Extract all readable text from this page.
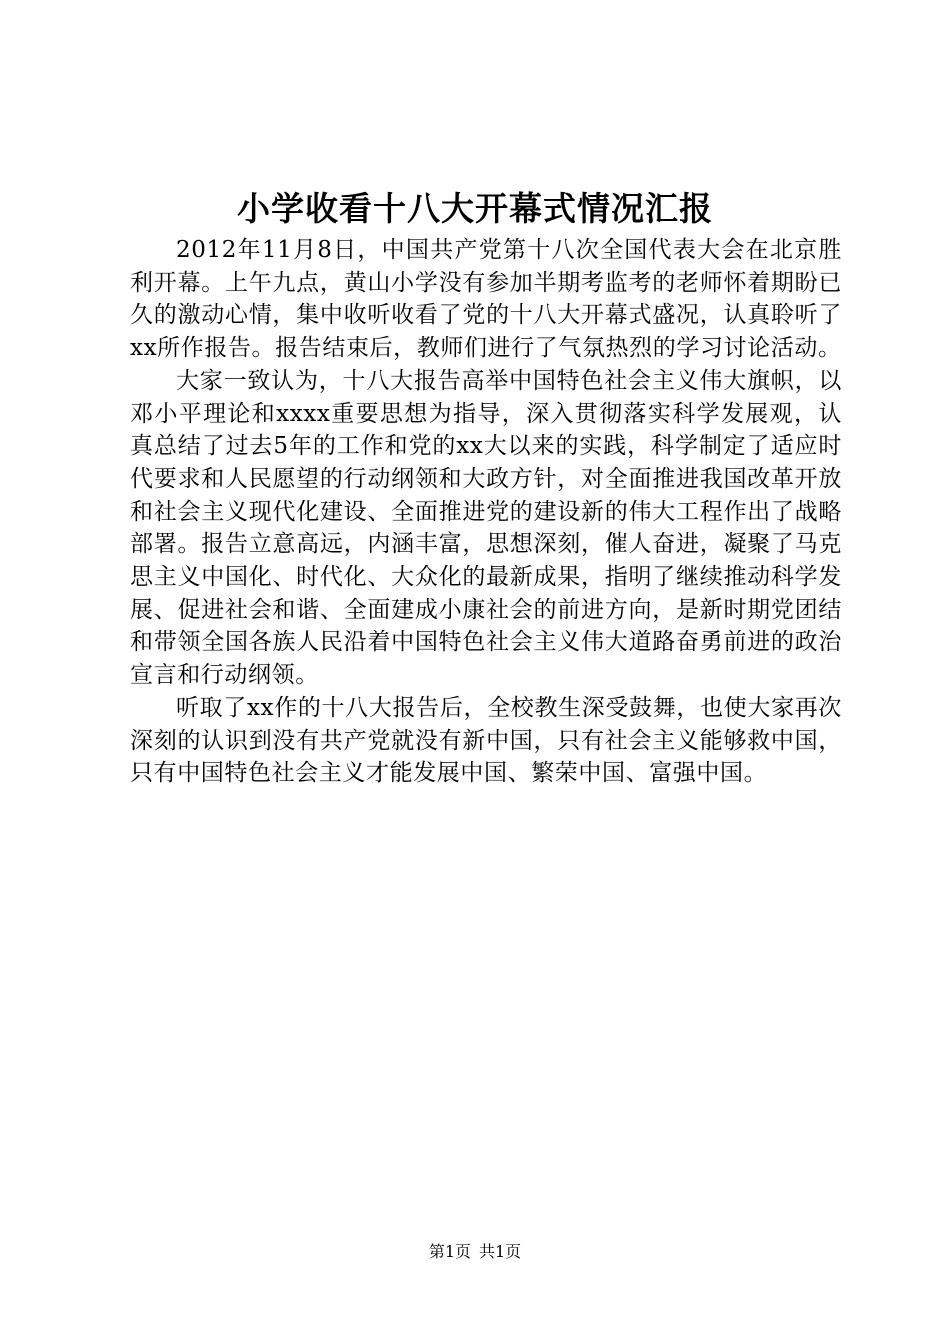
小学收看十八大开幕式情况汇报

2012年11月8日，中国共产党第十八次全国代表大会在北京胜利开幕。上午九点，黄山小学没有参加半期考监考的老师怀着期盼已久的激动心情，集中收听收看了党的十八大开幕式盛况，认真聆听了xx所作报告。报告结束后，教师们进行了气氛热烈的学习讨论活动。

大家一致认为，十八大报告高举中国特色社会主义伟大旗帜，以邓小平理论和xxxx重要思想为指导，深入贯彻落实科学发展观，认真总结了过去5年的工作和党的xx大以来的实践，科学制定了适应时代要求和人民愿望的行动纲领和大政方针，对全面推进我国改革开放和社会主义现代化建设、全面推进党的建设新的伟大工程作出了战略部署。报告立意高远，内涵丰富，思想深刻，催人奋进，凝聚了马克思主义中国化、时代化、大众化的最新成果，指明了继续推动科学发展、促进社会和谐、全面建成小康社会的前进方向，是新时期党团结和带领全国各族人民沿着中国特色社会主义伟大道路奋勇前进的政治宣言和行动纲领。

听取了xx作的十八大报告后，全校教生深受鼓舞，也使大家再次深刻的认识到没有共产党就没有新中国，只有社会主义能够救中国，只有中国特色社会主义才能发展中国、繁荣中国、富强中国。

第1页 共1页
